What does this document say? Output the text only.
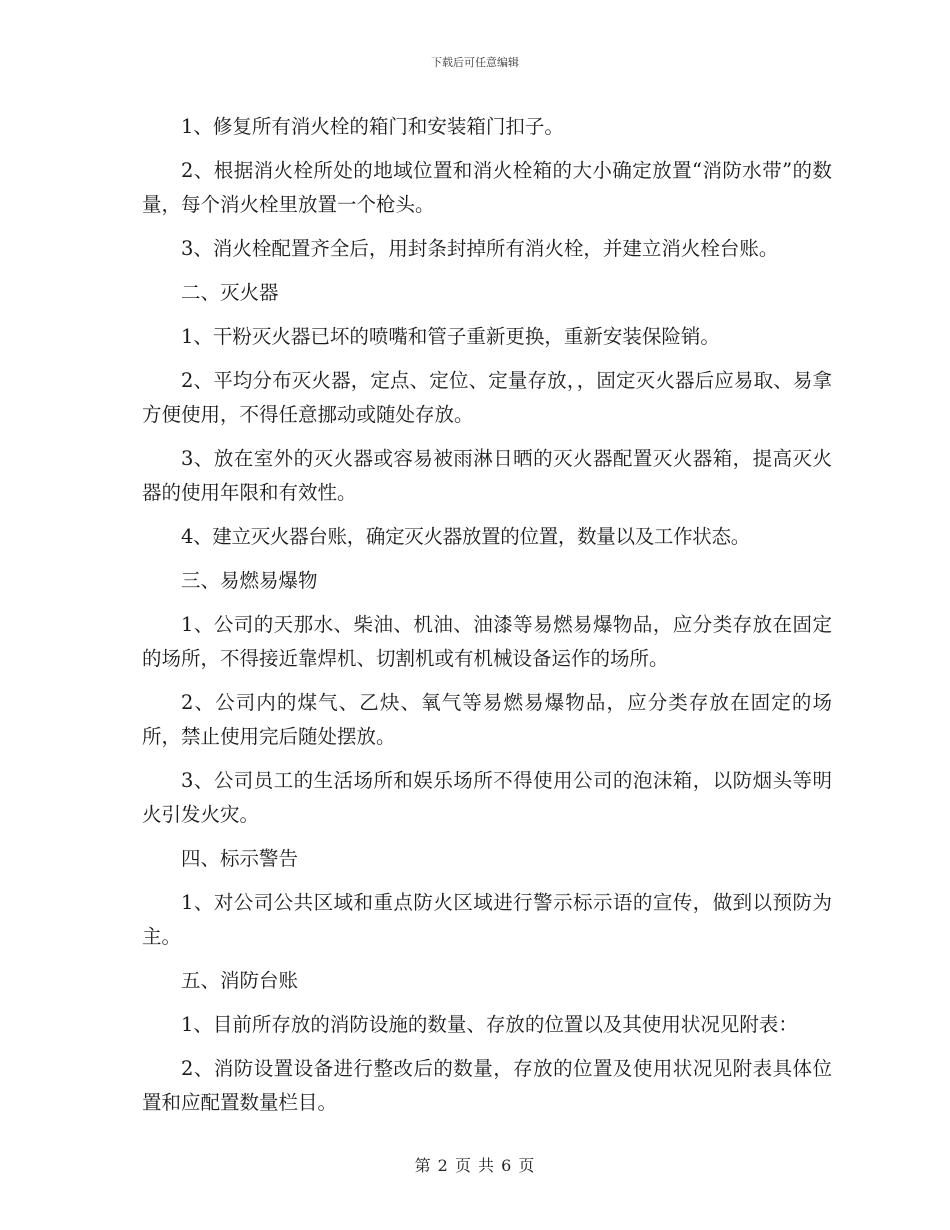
下载后可任意编辑

1、修复所有消火栓的箱门和安装箱门扣子。

2、根据消火栓所处的地域位置和消火栓箱的大小确定放置“消防水带”的数量，每个消火栓里放置一个枪头。

3、消火栓配置齐全后，用封条封掉所有消火栓，并建立消火栓台账。

二、灭火器

1、干粉灭火器已坏的喷嘴和管子重新更换，重新安装保险销。

2、平均分布灭火器，定点、定位、定量存放，，固定灭火器后应易取、易拿方便使用，不得任意挪动或随处存放。

3、放在室外的灭火器或容易被雨淋日晒的灭火器配置灭火器箱，提高灭火器的使用年限和有效性。

4、建立灭火器台账，确定灭火器放置的位置，数量以及工作状态。

三、易燃易爆物

1、公司的天那水、柴油、机油、油漆等易燃易爆物品，应分类存放在固定的场所，不得接近靠焊机、切割机或有机械设备运作的场所。

2、公司内的煤气、乙炔、氧气等易燃易爆物品，应分类存放在固定的场所，禁止使用完后随处摆放。

3、公司员工的生活场所和娱乐场所不得使用公司的泡沫箱，以防烟头等明火引发火灾。

四、标示警告

1、对公司公共区域和重点防火区域进行警示标示语的宣传，做到以预防为主。

五、消防台账

1、目前所存放的消防设施的数量、存放的位置以及其使用状况见附表：

2、消防设置设备进行整改后的数量，存放的位置及使用状况见附表具体位置和应配置数量栏目。

第 2 页 共 6 页
